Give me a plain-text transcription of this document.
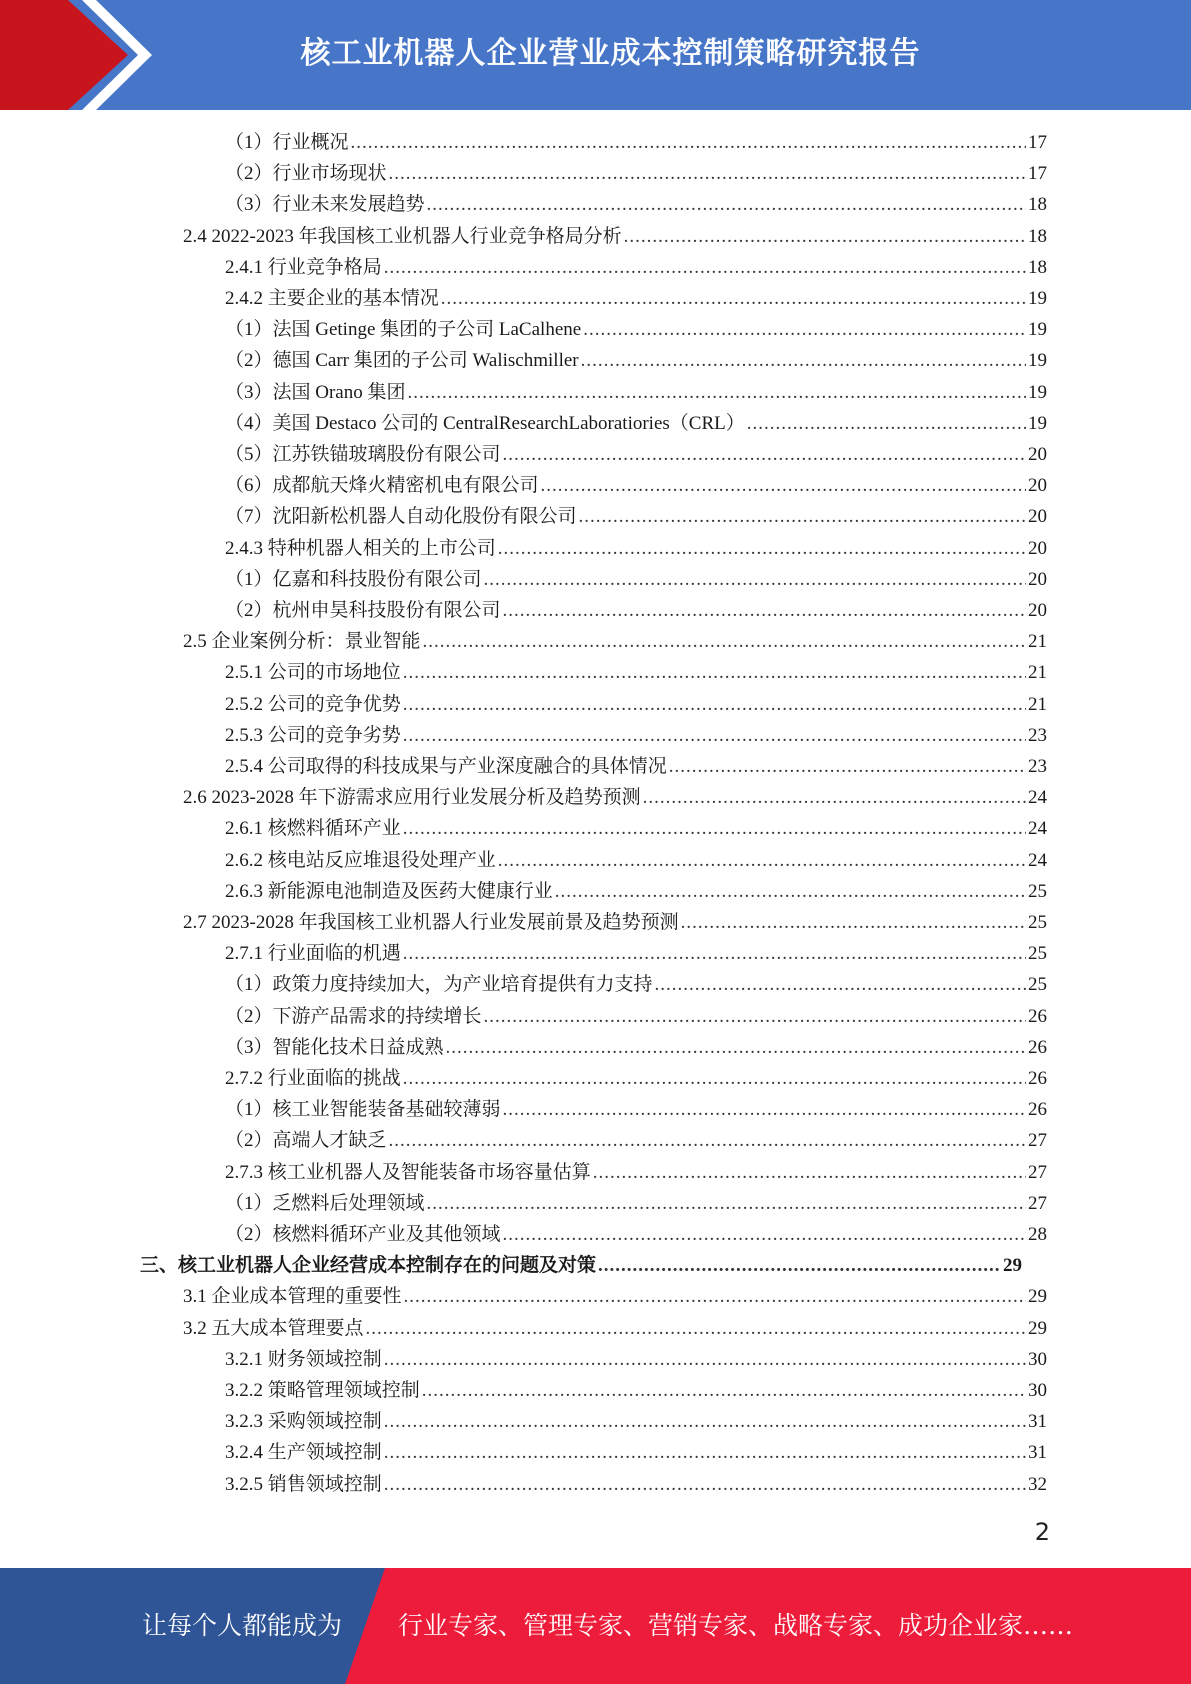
核工业机器人企业营业成本控制策略研究报告
（1）行业概况 .....	17
（2）行业市场现状 .....	17
（3）行业未来发展趋势 .....	18
2.4 2022-2023 年我国核工业机器人行业竞争格局分析 .....	18
2.4.1 行业竞争格局 .....	18
2.4.2 主要企业的基本情况 .....	19
（1）法国 Getinge 集团的子公司 LaCalhene .....	19
（2）德国 Carr 集团的子公司 Walischmiller .....	19
（3）法国 Orano 集团 .....	19
（4）美国 Destaco 公司的 CentralResearchLaboratiories（CRL） .....	19
（5）江苏铁锚玻璃股份有限公司 .....	20
（6）成都航天烽火精密机电有限公司 .....	20
（7）沈阳新松机器人自动化股份有限公司 .....	20
2.4.3 特种机器人相关的上市公司 .....	20
（1）亿嘉和科技股份有限公司 .....	20
（2）杭州申昊科技股份有限公司 .....	20
2.5 企业案例分析：景业智能 .....	21
2.5.1 公司的市场地位 .....	21
2.5.2 公司的竞争优势 .....	21
2.5.3 公司的竞争劣势 .....	23
2.5.4 公司取得的科技成果与产业深度融合的具体情况 .....	23
2.6 2023-2028 年下游需求应用行业发展分析及趋势预测 .....	24
2.6.1 核燃料循环产业 .....	24
2.6.2 核电站反应堆退役处理产业 .....	24
2.6.3 新能源电池制造及医药大健康行业 .....	25
2.7 2023-2028 年我国核工业机器人行业发展前景及趋势预测 .....	25
2.7.1 行业面临的机遇 .....	25
（1）政策力度持续加大，为产业培育提供有力支持 .....	25
（2）下游产品需求的持续增长 .....	26
（3）智能化技术日益成熟 .....	26
2.7.2 行业面临的挑战 .....	26
（1）核工业智能装备基础较薄弱 .....	26
（2）高端人才缺乏 .....	27
2.7.3 核工业机器人及智能装备市场容量估算 .....	27
（1）乏燃料后处理领域 .....	27
（2）核燃料循环产业及其他领域 .....	28
三、核工业机器人企业经营成本控制存在的问题及对策 .....	29
3.1 企业成本管理的重要性 .....	29
3.2 五大成本管理要点 .....	29
3.2.1 财务领域控制 .....	30
3.2.2 策略管理领域控制 .....	30
3.2.3 采购领域控制 .....	31
3.2.4 生产领域控制 .....	31
3.2.5 销售领域控制 .....	32
2
让每个人都能成为 行业专家、管理专家、营销专家、战略专家、成功企业家……
